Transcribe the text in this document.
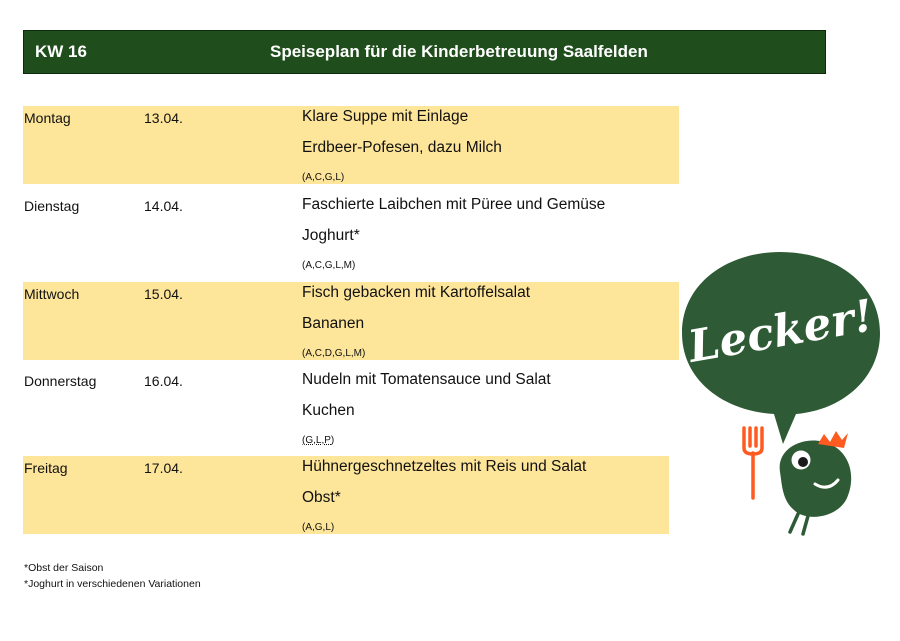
KW 16	Speiseplan für die Kinderbetreuung Saalfelden
Montag	13.04.	Klare Suppe mit Einlage
Erdbeer-Pofesen, dazu Milch
(A,C,G,L)
Dienstag	14.04.	Faschierte Laibchen mit Püree und Gemüse
Joghurt*
(A,C,G,L,M)
Mittwoch	15.04.	Fisch gebacken mit Kartoffelsalat
Bananen
(A,C,D,G,L,M)
Donnerstag	16.04.	Nudeln mit Tomatensauce und Salat
Kuchen
(G,L,P)
Freitag	17.04.	Hühnergeschnetzeltes mit Reis und Salat
Obst*
(A,G,L)
*Obst der Saison
*Joghurt in verschiedenen Variationen
Lecker!
